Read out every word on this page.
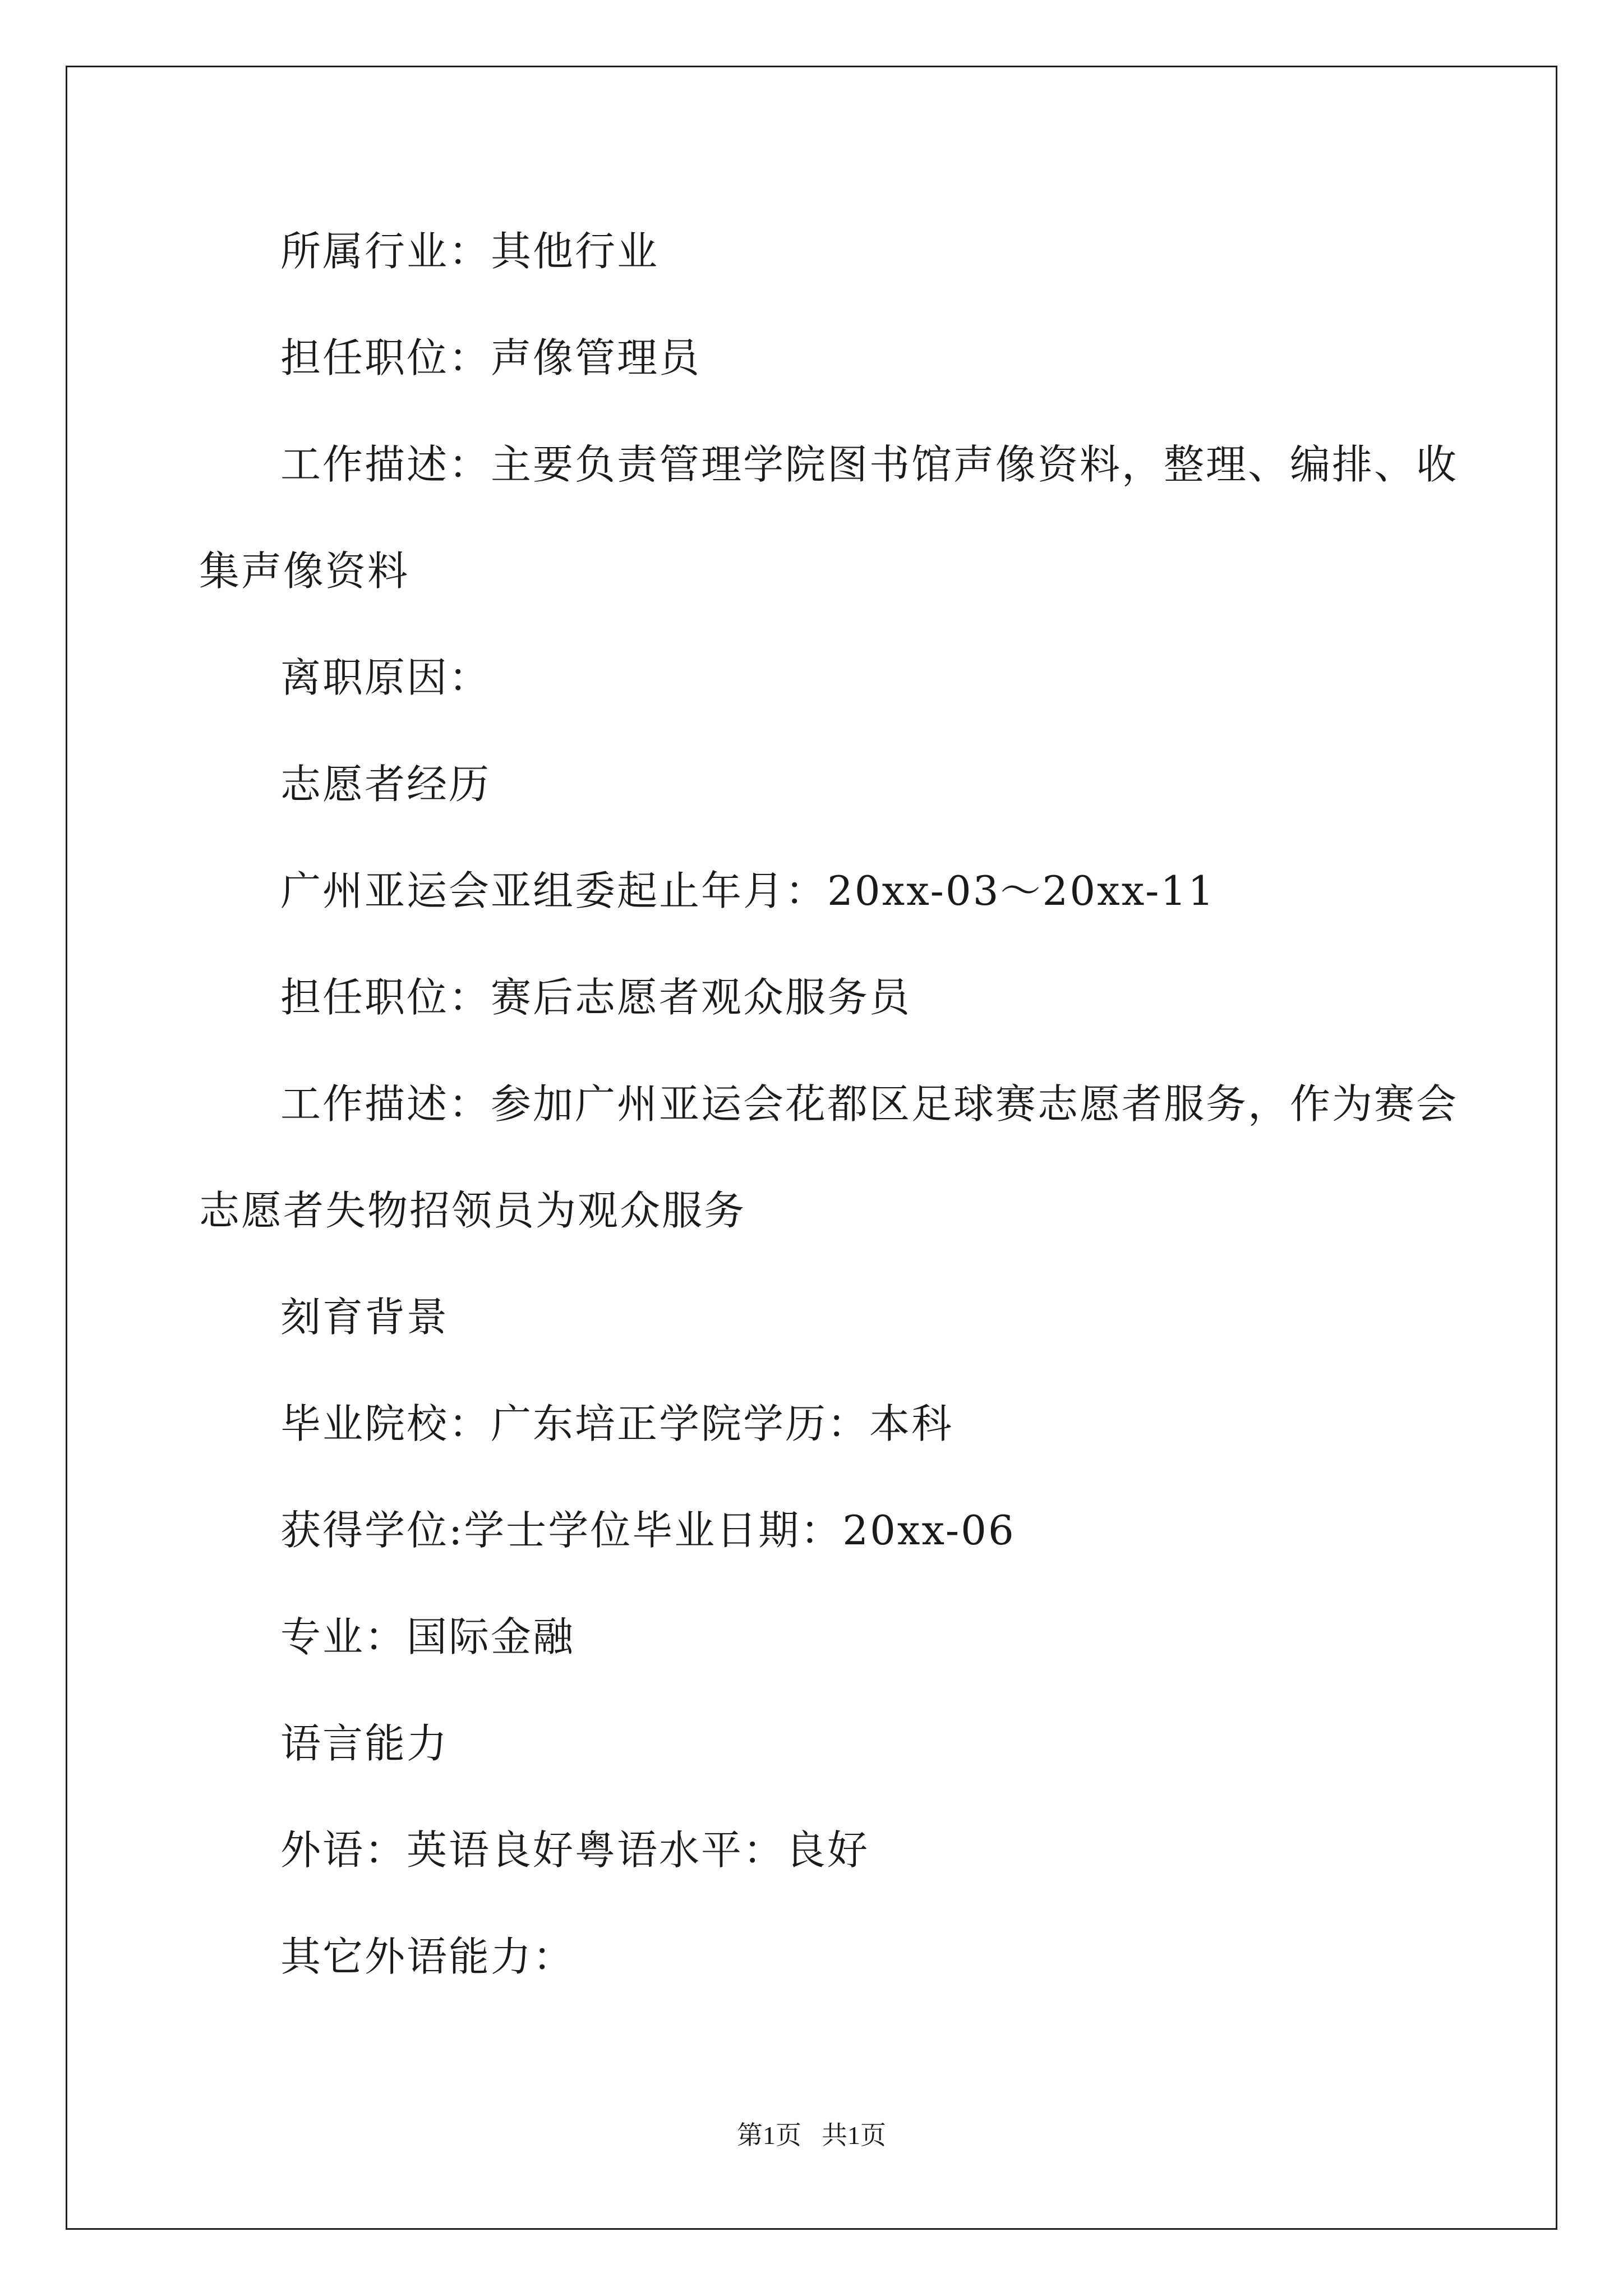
所属行业：其他行业
担任职位：声像管理员
工作描述：主要负责管理学院图书馆声像资料，整理、编排、收
集声像资料
离职原因：
志愿者经历
广州亚运会亚组委起止年月：20xx-03～20xx-11
担任职位：赛后志愿者观众服务员
工作描述：参加广州亚运会花都区足球赛志愿者服务，作为赛会
志愿者失物招领员为观众服务
刻育背景
毕业院校：广东培正学院学历：本科
获得学位:学士学位毕业日期：20xx-06
专业：国际金融
语言能力
外语：英语良好粤语水平：良好
其它外语能力：
第1页 共1页
